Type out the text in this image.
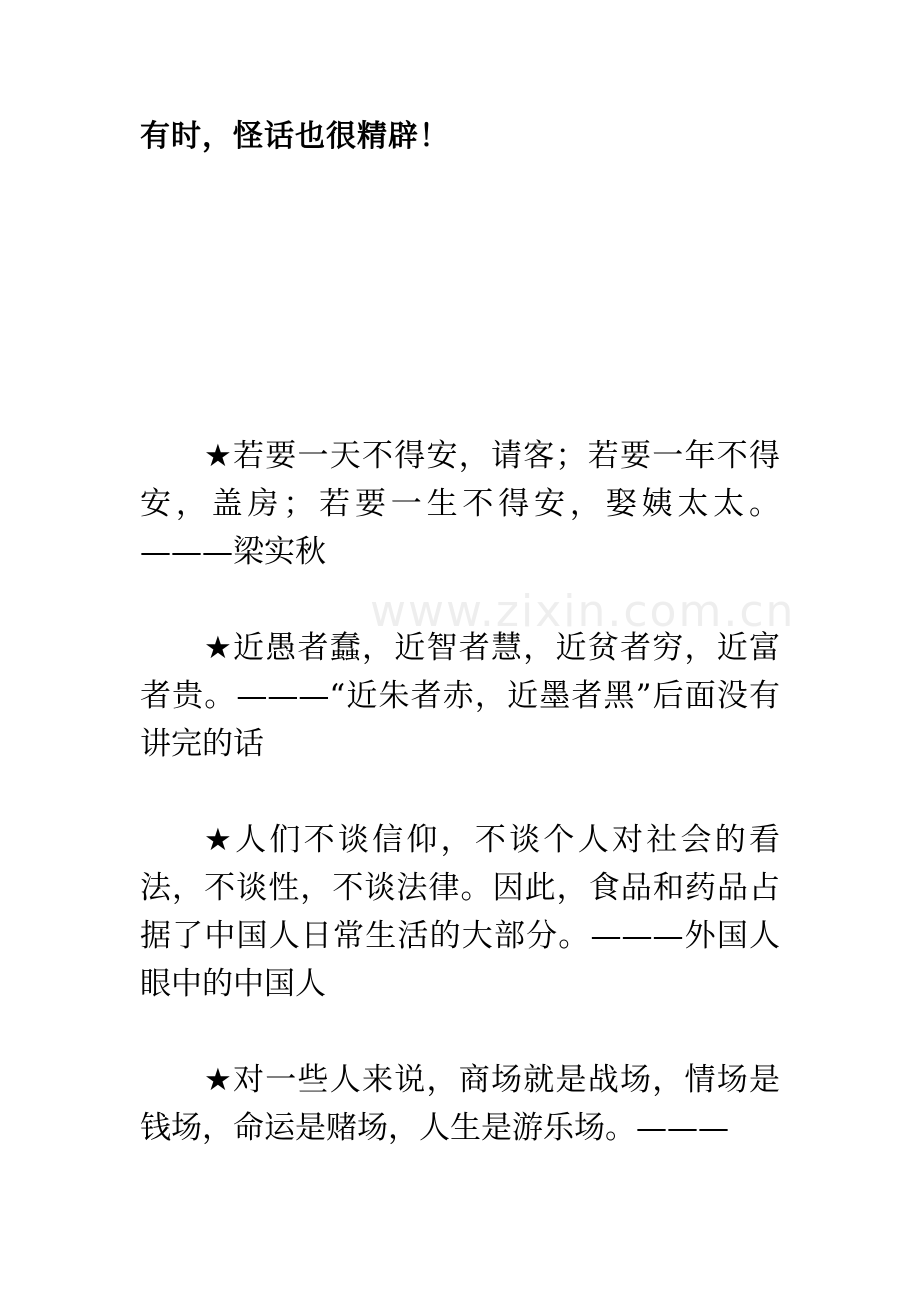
有时，怪话也很精辟！
www.zixin.com.cn

★若要一天不得安，请客；若要一年不得安，盖房；若要一生不得安，娶姨太太。———梁实秋

★近愚者蠢，近智者慧，近贫者穷，近富者贵。———“近朱者赤，近墨者黑”后面没有讲完的话

★人们不谈信仰，不谈个人对社会的看法，不谈性，不谈法律。因此，食品和药品占据了中国人日常生活的大部分。———外国人眼中的中国人

★对一些人来说，商场就是战场，情场是钱场，命运是赌场，人生是游乐场。———
